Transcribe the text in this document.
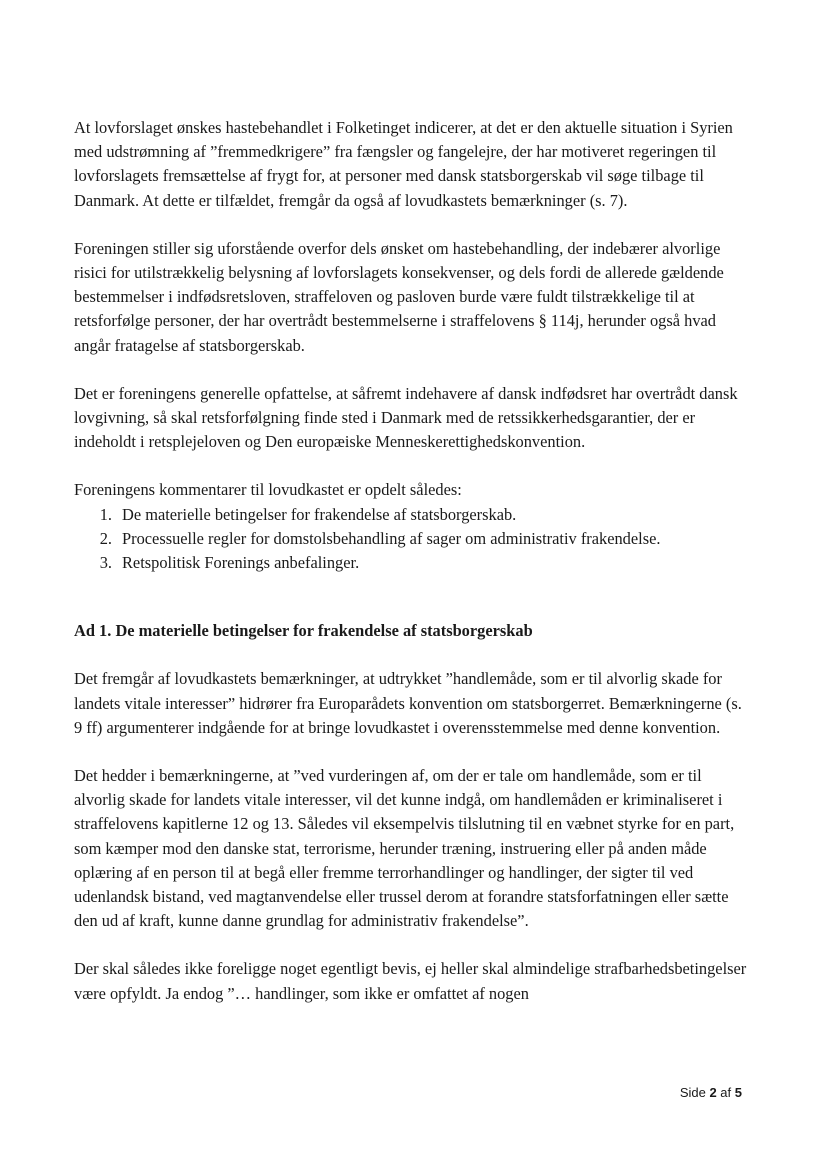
At lovforslaget ønskes hastebehandlet i Folketinget indicerer, at det er den aktuelle situation i Syrien med udstrømning af ”fremmedkrigere” fra fængsler og fangelejre, der har motiveret regeringen til lovforslagets fremsættelse af frygt for, at personer med dansk statsborgerskab vil søge tilbage til Danmark. At dette er tilfældet, fremgår da også af lovudkastets bemærkninger (s. 7).

Foreningen stiller sig uforstående overfor dels ønsket om hastebehandling, der indebærer alvorlige risici for utilstrækkelig belysning af lovforslagets konsekvenser, og dels fordi de allerede gældende bestemmelser i indfødsretsloven, straffeloven og pasloven burde være fuldt tilstrækkelige til at retsforfølge personer, der har overtrådt bestemmelserne i straffelovens § 114j, herunder også hvad angår fratagelse af statsborgerskab.

Det er foreningens generelle opfattelse, at såfremt indehavere af dansk indfødsret har overtrådt dansk lovgivning, så skal retsforfølgning finde sted i Danmark med de retssikkerhedsgarantier, der er indeholdt i retsplejeloven og Den europæiske Menneskerettighedskonvention.

Foreningens kommentarer til lovudkastet er opdelt således:

1. De materielle betingelser for frakendelse af statsborgerskab.
2. Processuelle regler for domstolsbehandling af sager om administrativ frakendelse.
3. Retspolitisk Forenings anbefalinger.
Ad 1. De materielle betingelser for frakendelse af statsborgerskab

Det fremgår af lovudkastets bemærkninger, at udtrykket ”handlemåde, som er til alvorlig skade for landets vitale interesser” hidrører fra Europarådets konvention om statsborgerret. Bemærkningerne (s. 9 ff) argumenterer indgående for at bringe lovudkastet i overensstemmelse med denne konvention.

Det hedder i bemærkningerne, at ”ved vurderingen af, om der er tale om handlemåde, som er til alvorlig skade for landets vitale interesser, vil det kunne indgå, om handlemåden er kriminaliseret i straffelovens kapitlerne 12 og 13. Således vil eksempelvis tilslutning til en væbnet styrke for en part, som kæmper mod den danske stat, terrorisme, herunder træning, instruering eller på anden måde oplæring af en person til at begå eller fremme terrorhandlinger og handlinger, der sigter til ved udenlandsk bistand, ved magtanvendelse eller trussel derom at forandre statsforfatningen eller sætte den ud af kraft, kunne danne grundlag for administrativ frakendelse”.

Der skal således ikke foreligge noget egentligt bevis, ej heller skal almindelige strafbarhedsbetingelser være opfyldt. Ja endog ”… handlinger, som ikke er omfattet af nogen

Side 2 af 5
